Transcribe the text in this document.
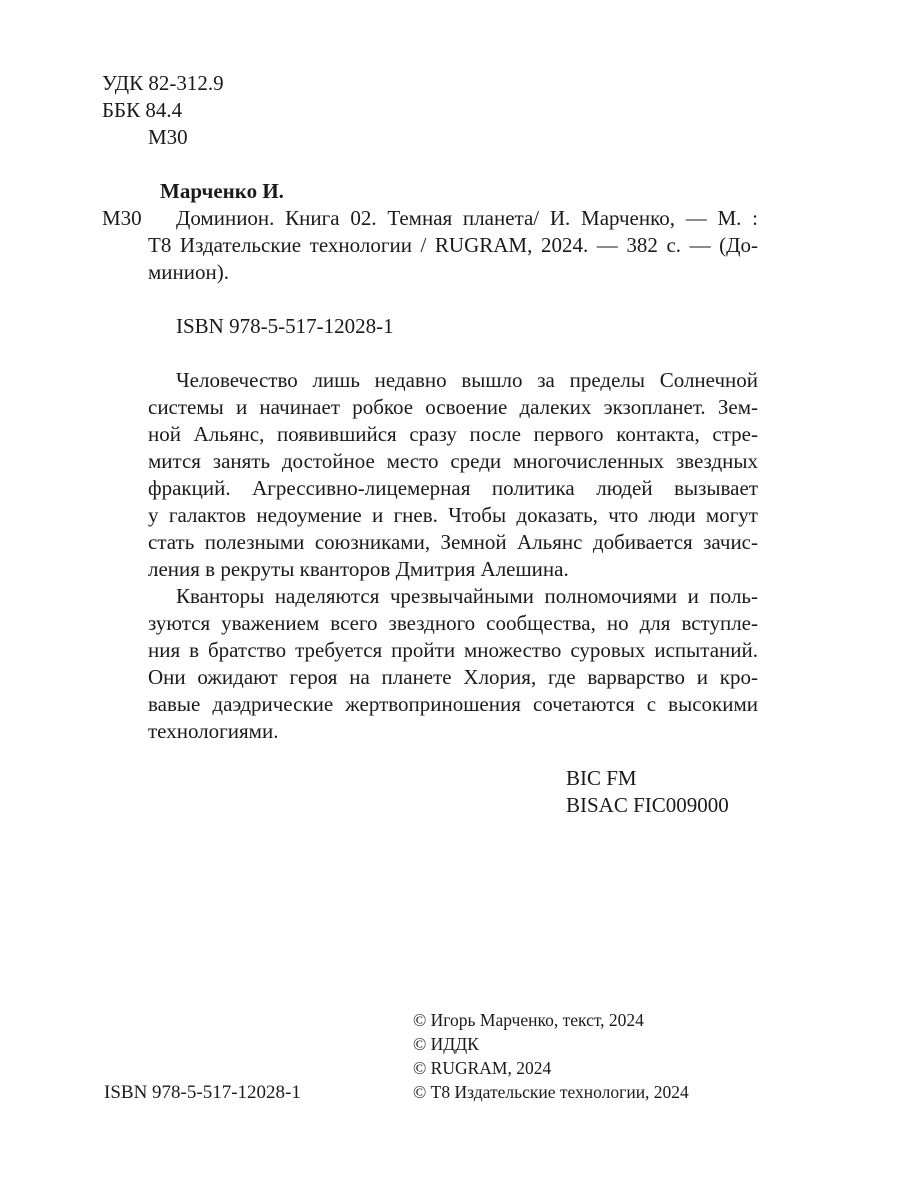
УДК 82-312.9
ББК 84.4
М30
Марченко И.
М30	Доминион. Книга 02. Темная планета/ И. Марченко, — М. :
Т8 Издательские технологии / RUGRAM, 2024. — 382 с. — (До-
минион).
ISBN 978-5-517-12028-1
Человечество лишь недавно вышло за пределы Солнечной
системы и начинает робкое освоение далеких экзопланет. Зем-
ной Альянс, появившийся сразу после первого контакта, стре-
мится занять достойное место среди многочисленных звездных
фракций. Агрессивно-лицемерная политика людей вызывает
у галактов недоумение и гнев. Чтобы доказать, что люди могут
стать полезными союзниками, Земной Альянс добивается зачис-
ления в рекруты кванторов Дмитрия Алешина.
Кванторы наделяются чрезвычайными полномочиями и поль-
зуются уважением всего звездного сообщества, но для вступле-
ния в братство требуется пройти множество суровых испытаний.
Они ожидают героя на планете Хлория, где варварство и кро-
вавые даэдрические жертвоприношения сочетаются с высокими
технологиями.
BIC FM
BISAC FIC009000
© Игорь Марченко, текст, 2024
© ИДДК
© RUGRAM, 2024
© Т8 Издательские технологии, 2024
ISBN 978-5-517-12028-1
